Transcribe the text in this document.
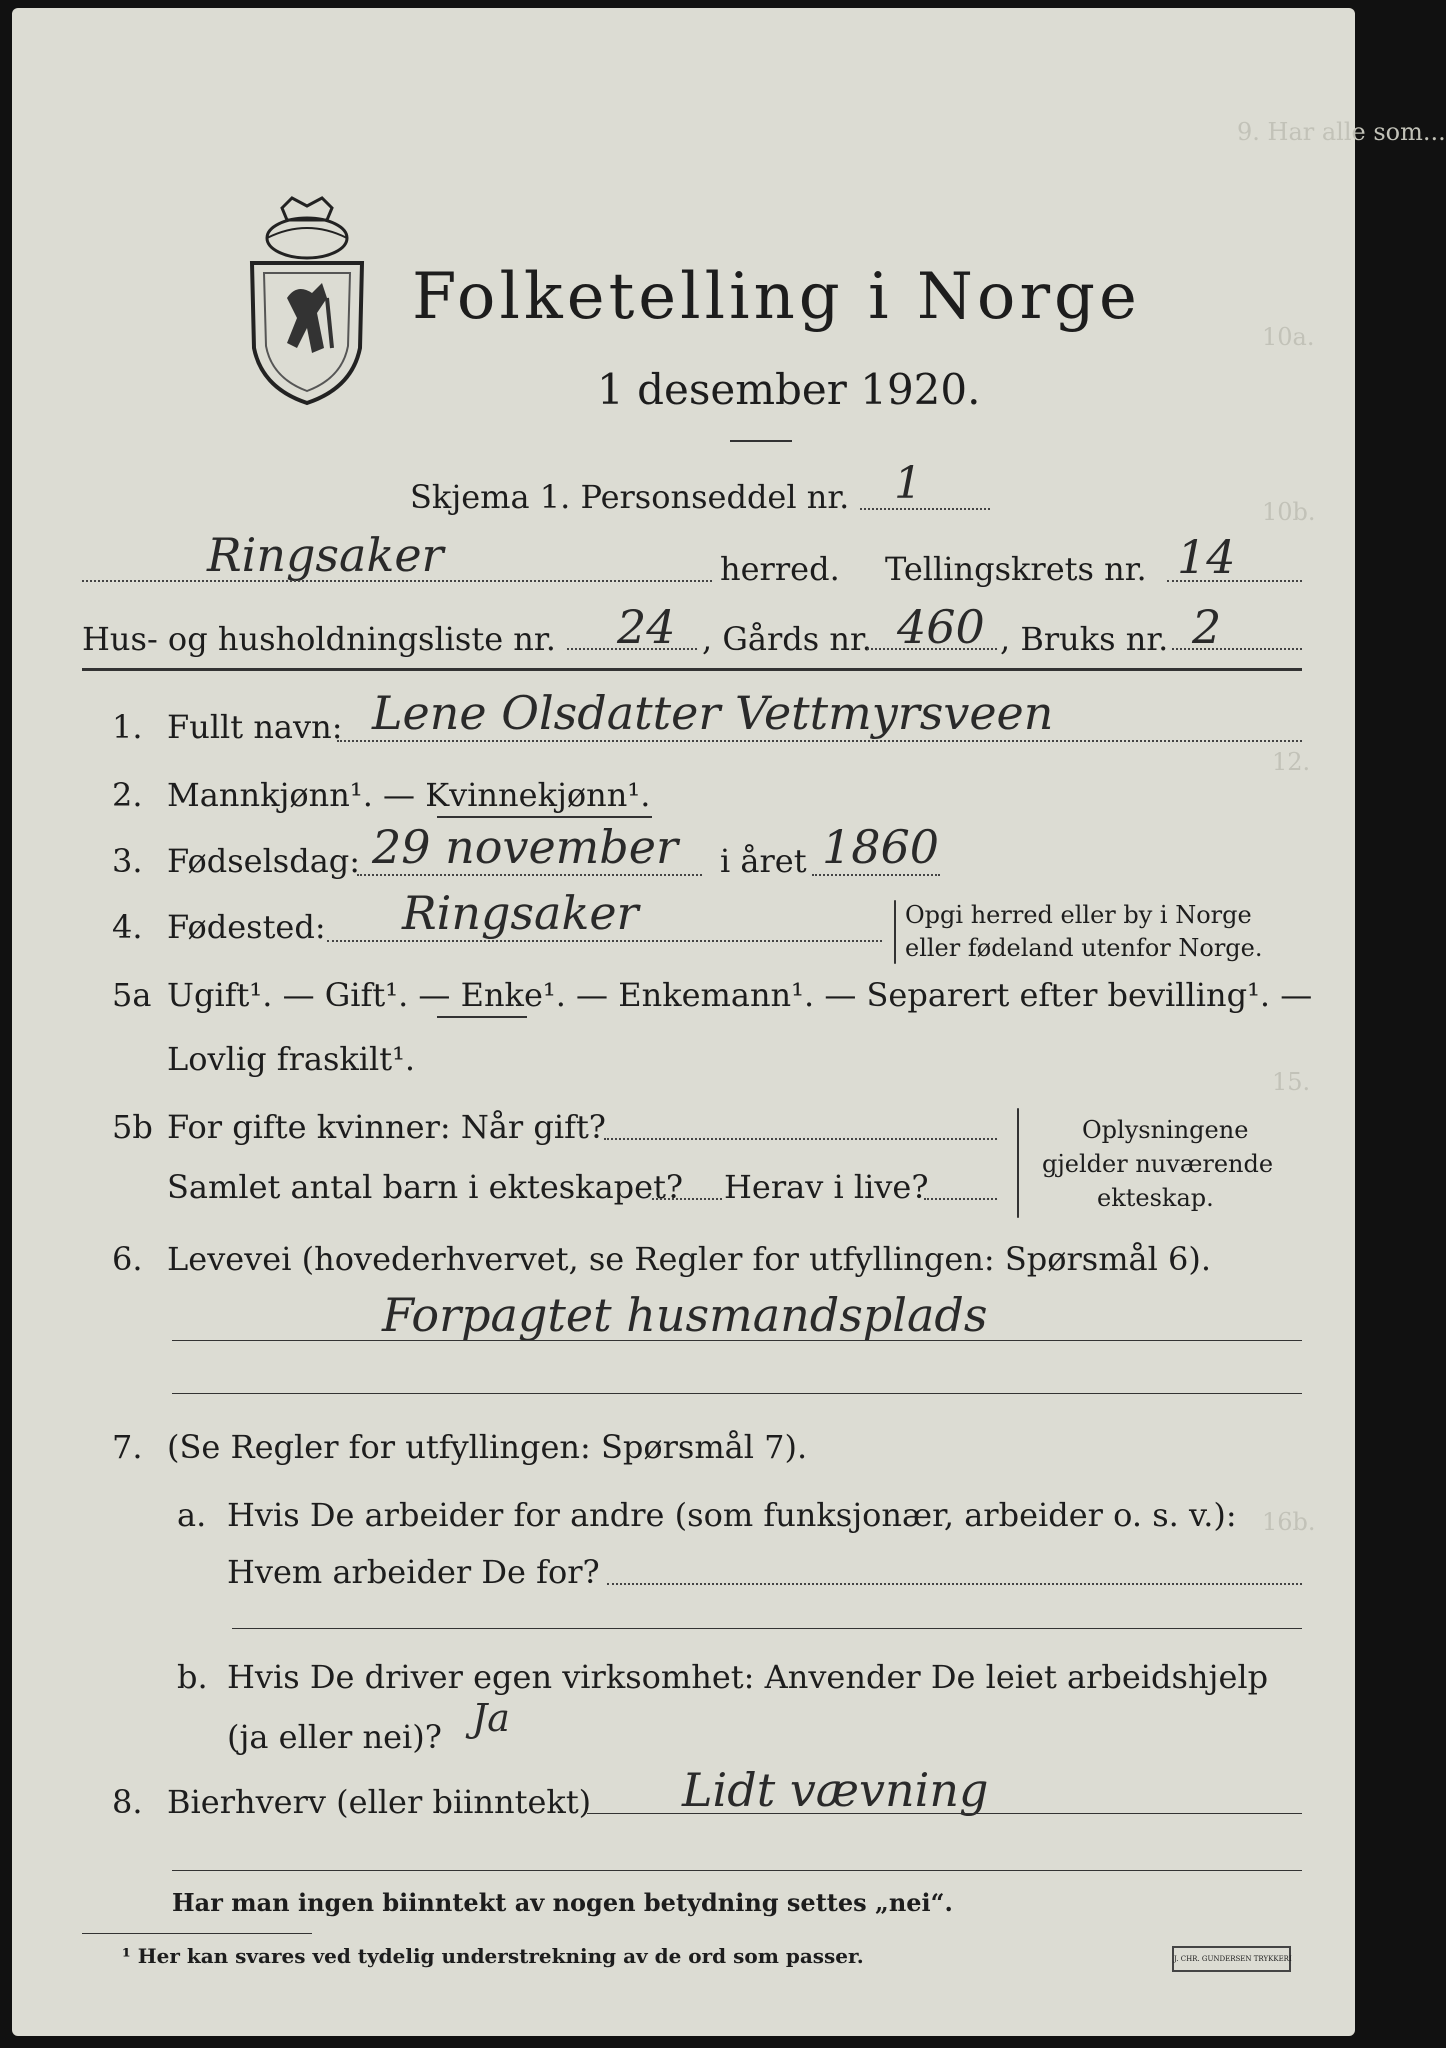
9. Har alle som...
10a.
10b.
12.
15.
16b.
Folketelling i Norge
1 desember 1920.
Skjema 1. Personseddel nr. 1
Ringsaker	herred. Tellingskrets nr. 14
Hus- og husholdningsliste nr. 24 , Gårds nr. 460 , Bruks nr. 2
1. Fullt navn: Lene Olsdatter Vettmyrsveen
2. Mannkjønn¹. — Kvinnekjønn¹.
3. Fødselsdag: 29 november i året 1860
4. Fødested: Ringsaker	Opgi herred eller by i Norge
eller fødeland utenfor Norge.
5a Ugift¹. — Gift¹. — Enke¹. — Enkemann¹. — Separert efter bevilling¹. —
Lovlig fraskilt¹.
5b For gifte kvinner: Når gift?
Samlet antal barn i ekteskapet? Herav i live?
Oplysningene
gjelder nuværende
ekteskap.
6. Levevei (hovederhvervet, se Regler for utfyllingen: Spørsmål 6).
Forpagtet husmandsplads
7. (Se Regler for utfyllingen: Spørsmål 7).
a. Hvis De arbeider for andre (som funksjonær, arbeider o. s. v.):
Hvem arbeider De for?
b. Hvis De driver egen virksomhet: Anvender De leiet arbeidshjelp
(ja eller nei)? Ja
8. Bierhverv (eller biinntekt) Lidt vævning
Har man ingen biinntekt av nogen betydning settes „nei“.
¹ Her kan svares ved tydelig understrekning av de ord som passer.	J. CHR. GUNDERSEN TRYKKERI
